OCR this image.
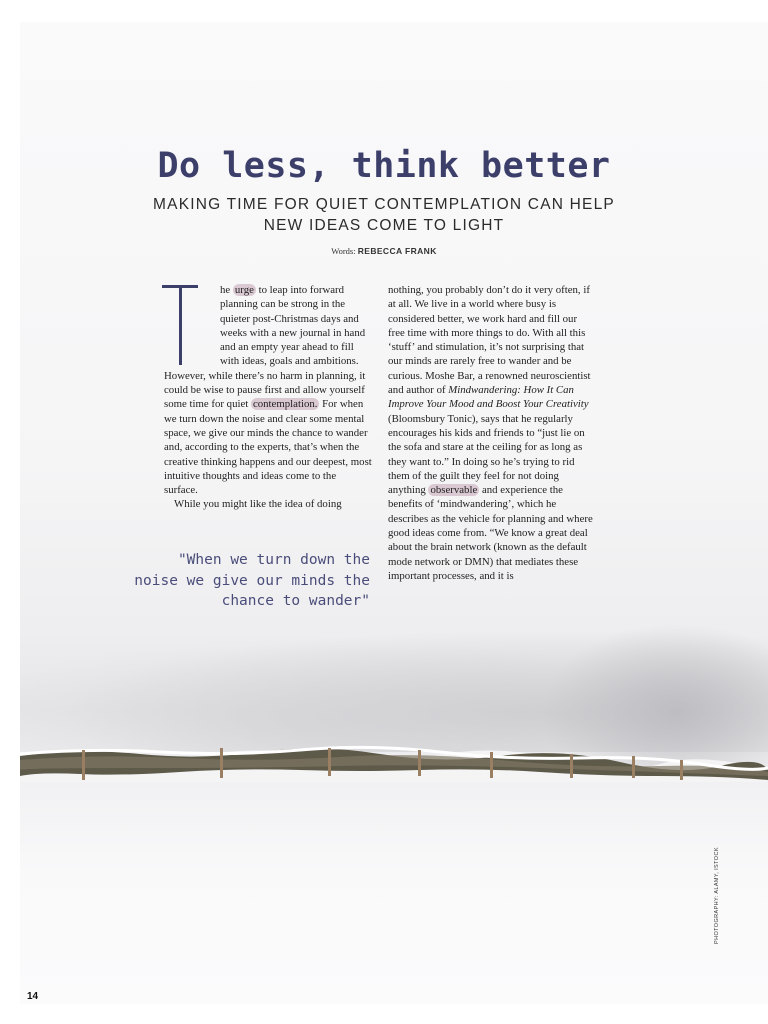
Do less, think better
MAKING TIME FOR QUIET CONTEMPLATION CAN HELP NEW IDEAS COME TO LIGHT
Words: REBECCA FRANK

he urge to leap into forward planning can be strong in the quieter post-Christmas days and weeks with a new journal in hand and an empty year ahead to fill with ideas, goals and ambitions. However, while there’s no harm in planning, it could be wise to pause first and allow yourself some time for quiet contemplation. For when we turn down the noise and clear some mental space, we give our minds the chance to wander and, according to the experts, that’s when the creative thinking happens and our deepest, most intuitive thoughts and ideas come to the surface.

While you might like the idea of doing

nothing, you probably don’t do it very often, if at all. We live in a world where busy is considered better, we work hard and fill our free time with more things to do. With all this ‘stuff’ and stimulation, it’s not surprising that our minds are rarely free to wander and be curious. Moshe Bar, a renowned neuroscientist and author of Mindwandering: How It Can Improve Your Mood and Boost Your Creativity (Bloomsbury Tonic), says that he regularly encourages his kids and friends to “just lie on the sofa and stare at the ceiling for as long as they want to.” In doing so he’s trying to rid them of the guilt they feel for not doing anything observable and experience the benefits of ‘mindwandering’, which he describes as the vehicle for planning and where good ideas come from. “We know a great deal about the brain network (known as the default mode network or DMN) that mediates these important processes, and it is

"When we turn down the noise we give our minds the chance to wander"
PHOTOGRAPHY: ALAMY, ISTOCK
14
